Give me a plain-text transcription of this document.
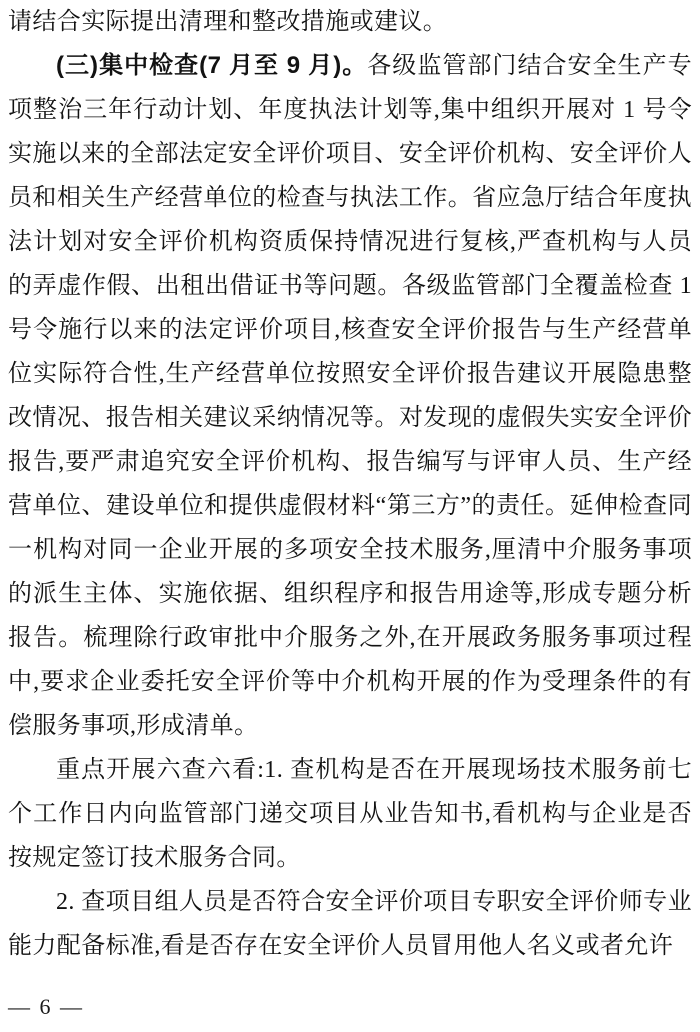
请结合实际提出清理和整改措施或建议。

(三)集中检查(7 月至 9 月)。各级监管部门结合安全生产专项整治三年行动计划、年度执法计划等,集中组织开展对 1 号令实施以来的全部法定安全评价项目、安全评价机构、安全评价人员和相关生产经营单位的检查与执法工作。省应急厅结合年度执法计划对安全评价机构资质保持情况进行复核,严查机构与人员的弄虚作假、出租出借证书等问题。各级监管部门全覆盖检查 1 号令施行以来的法定评价项目,核查安全评价报告与生产经营单位实际符合性,生产经营单位按照安全评价报告建议开展隐患整改情况、报告相关建议采纳情况等。对发现的虚假失实安全评价报告,要严肃追究安全评价机构、报告编写与评审人员、生产经营单位、建设单位和提供虚假材料“第三方”的责任。延伸检查同一机构对同一企业开展的多项安全技术服务,厘清中介服务事项的派生主体、实施依据、组织程序和报告用途等,形成专题分析报告。梳理除行政审批中介服务之外,在开展政务服务事项过程中,要求企业委托安全评价等中介机构开展的作为受理条件的有偿服务事项,形成清单。

重点开展六查六看:1. 查机构是否在开展现场技术服务前七个工作日内向监管部门递交项目从业告知书,看机构与企业是否按规定签订技术服务合同。

2. 查项目组人员是否符合安全评价项目专职安全评价师专业能力配备标准,看是否存在安全评价人员冒用他人名义或者允许

— 6 —
